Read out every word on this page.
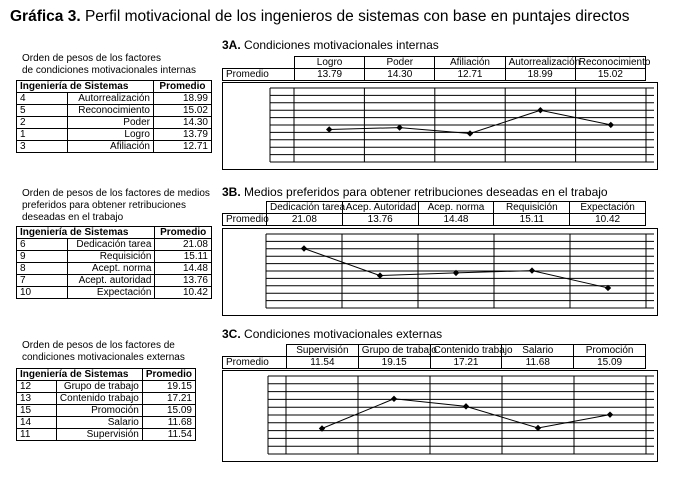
Gráfica 3. Perfil motivacional de los ingenieros de sistemas con base en puntajes directos
Orden de pesos de los factores
de condiciones motivacionales internas
Ingeniería de Sistemas		Promedio
4	Autorrealización	18.99
5	Reconocimiento	15.02
2	Poder	14.30
1	Logro	13.79
3	Afiliación	12.71
3A. Condiciones motivacionales internas
	Logro	Poder	Afiliación	Autorrealización	Reconocimiento
Promedio	13.79	14.30	12.71	18.99	15.02
Orden de pesos de los factores de medios
preferidos para obtener retribuciones
deseadas en el trabajo
Ingeniería de Sistemas		Promedio
6	Dedicación tarea	21.08
9	Requisición	15.11
8	Acept. norma	14.48
7	Acept. autoridad	13.76
10	Expectación	10.42
3B. Medios preferidos para obtener retribuciones deseadas en el trabajo
	Dedicación tarea	Acep. Autoridad	Acep. norma	Requisición	Expectación
Promedio	21.08	13.76	14.48	15.11	10.42
Orden de pesos de los factores de
condiciones motivacionales externas
Ingeniería de Sistemas		Promedio
12	Grupo de trabajo	19.15
13	Contenido trabajo	17.21
15	Promoción	15.09
14	Salario	11.68
11	Supervisión	11.54
3C. Condiciones motivacionales externas
	Supervisión	Grupo de trabajo	Contenido trabajo	Salario	Promoción
Promedio	11.54	19.15	17.21	11.68	15.09
